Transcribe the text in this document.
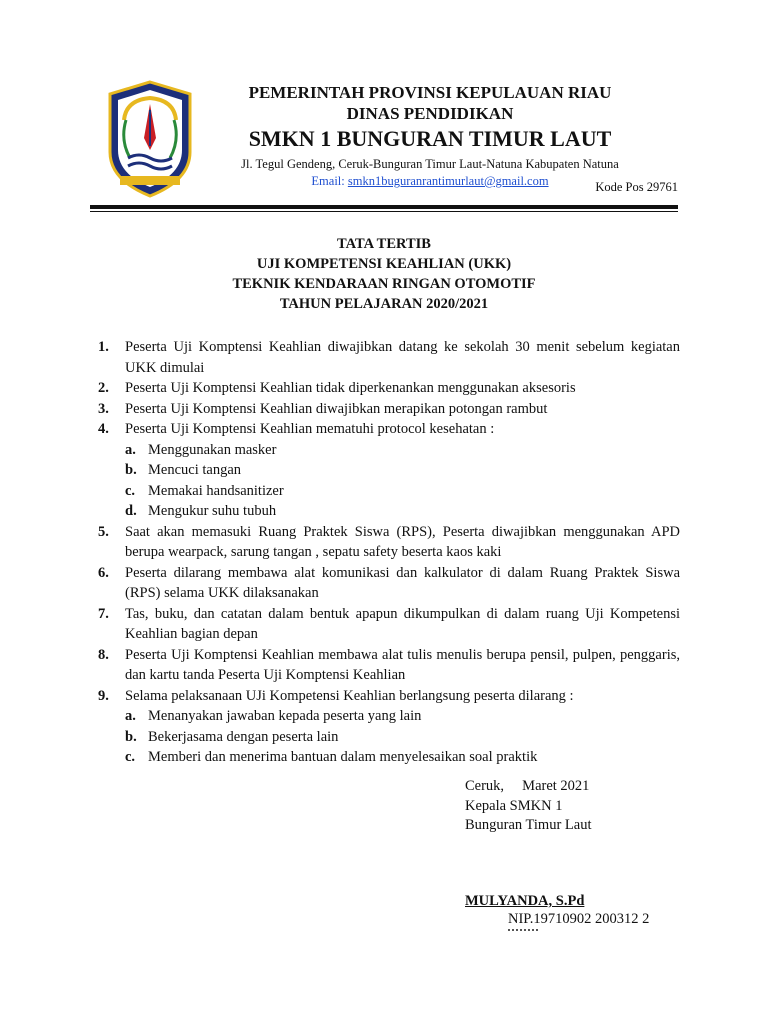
PEMERINTAH PROVINSI KEPULAUAN RIAU
DINAS PENDIDIKAN
SMKN 1 BUNGURAN TIMUR LAUT
Jl. Tegul Gendeng, Ceruk-Bunguran Timur Laut-Natuna Kabupaten Natuna
Email: smkn1buguranrantimurlaut@gmail.com	Kode Pos 29761
TATA TERTIB
UJI KOMPETENSI KEAHLIAN (UKK)
TEKNIK KENDARAAN RINGAN OTOMOTIF
TAHUN PELAJARAN 2020/2021
1.	Peserta Uji Komptensi Keahlian diwajibkan datang ke sekolah 30 menit sebelum kegiatan UKK dimulai
2.	Peserta Uji Komptensi Keahlian tidak diperkenankan menggunakan aksesoris
3.	Peserta Uji Komptensi Keahlian diwajibkan merapikan potongan rambut
4.	Peserta Uji Komptensi Keahlian mematuhi protocol kesehatan :
a. Menggunakan masker
b. Mencuci tangan
c. Memakai handsanitizer
d. Mengukur suhu tubuh
5.	Saat akan memasuki Ruang Praktek Siswa (RPS), Peserta diwajibkan menggunakan APD berupa wearpack, sarung tangan , sepatu safety beserta kaos kaki
6.	Peserta dilarang membawa alat komunikasi dan kalkulator di dalam Ruang Praktek Siswa (RPS) selama UKK dilaksanakan
7.	Tas, buku, dan catatan dalam bentuk apapun dikumpulkan di dalam ruang Uji Kompetensi Keahlian bagian depan
8.	Peserta Uji Komptensi Keahlian membawa alat tulis menulis berupa pensil, pulpen, penggaris, dan kartu tanda Peserta Uji Komptensi Keahlian
9.	Selama pelaksanaan UJi Kompetensi Keahlian berlangsung peserta dilarang :
a. Menanyakan jawaban kepada peserta yang lain
b. Bekerjasama dengan peserta lain
c. Memberi dan menerima bantuan dalam menyelesaikan soal praktik
Ceruk,     Maret 2021
Kepala SMKN 1
Bunguran Timur Laut
MULYANDA, S.Pd
NIP.19710902 200312 2
